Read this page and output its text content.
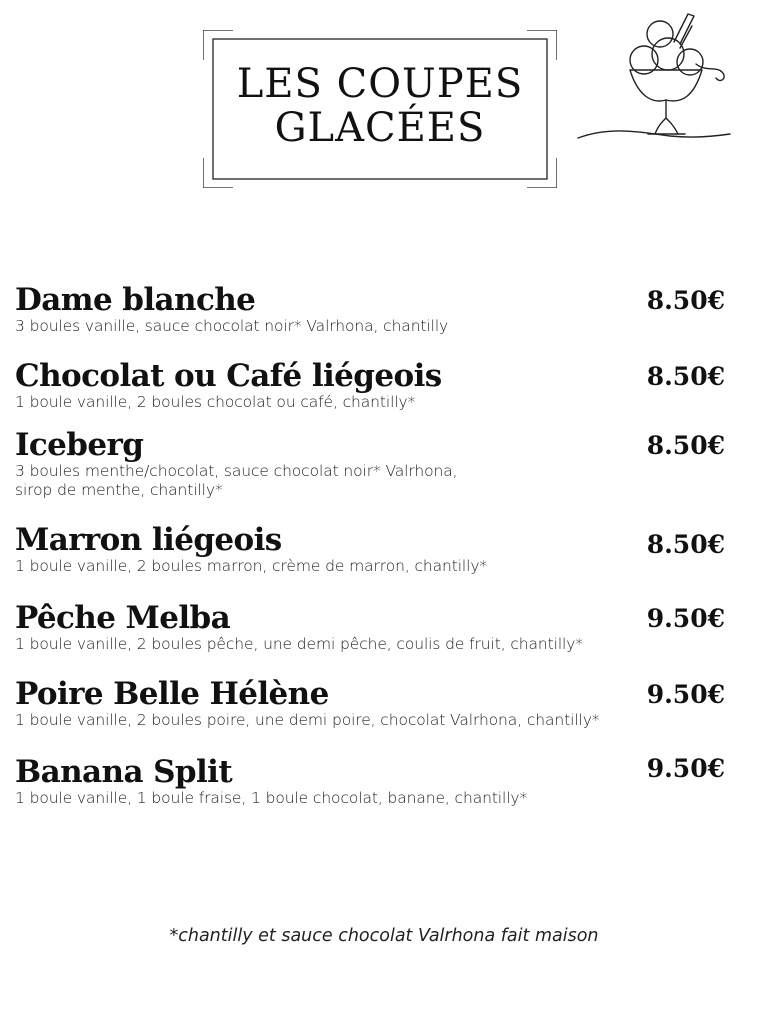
LES COUPES
GLACÉES
Dame blanche	8.50€
3 boules vanille, sauce chocolat noir* Valrhona, chantilly
Chocolat ou Café liégeois	8.50€
1 boule vanille, 2 boules chocolat ou café, chantilly*
Iceberg	8.50€
3 boules menthe/chocolat, sauce chocolat noir* Valrhona,
sirop de menthe, chantilly*
Marron liégeois	8.50€
1 boule vanille, 2 boules marron, crème de marron, chantilly*
Pêche Melba	9.50€
1 boule vanille, 2 boules pêche, une demi pêche, coulis de fruit, chantilly*
Poire Belle Hélène	9.50€
1 boule vanille, 2 boules poire, une demi poire, chocolat Valrhona, chantilly*
Banana Split	9.50€
1 boule vanille, 1 boule fraise, 1 boule chocolat, banane, chantilly*
*chantilly et sauce chocolat Valrhona fait maison
